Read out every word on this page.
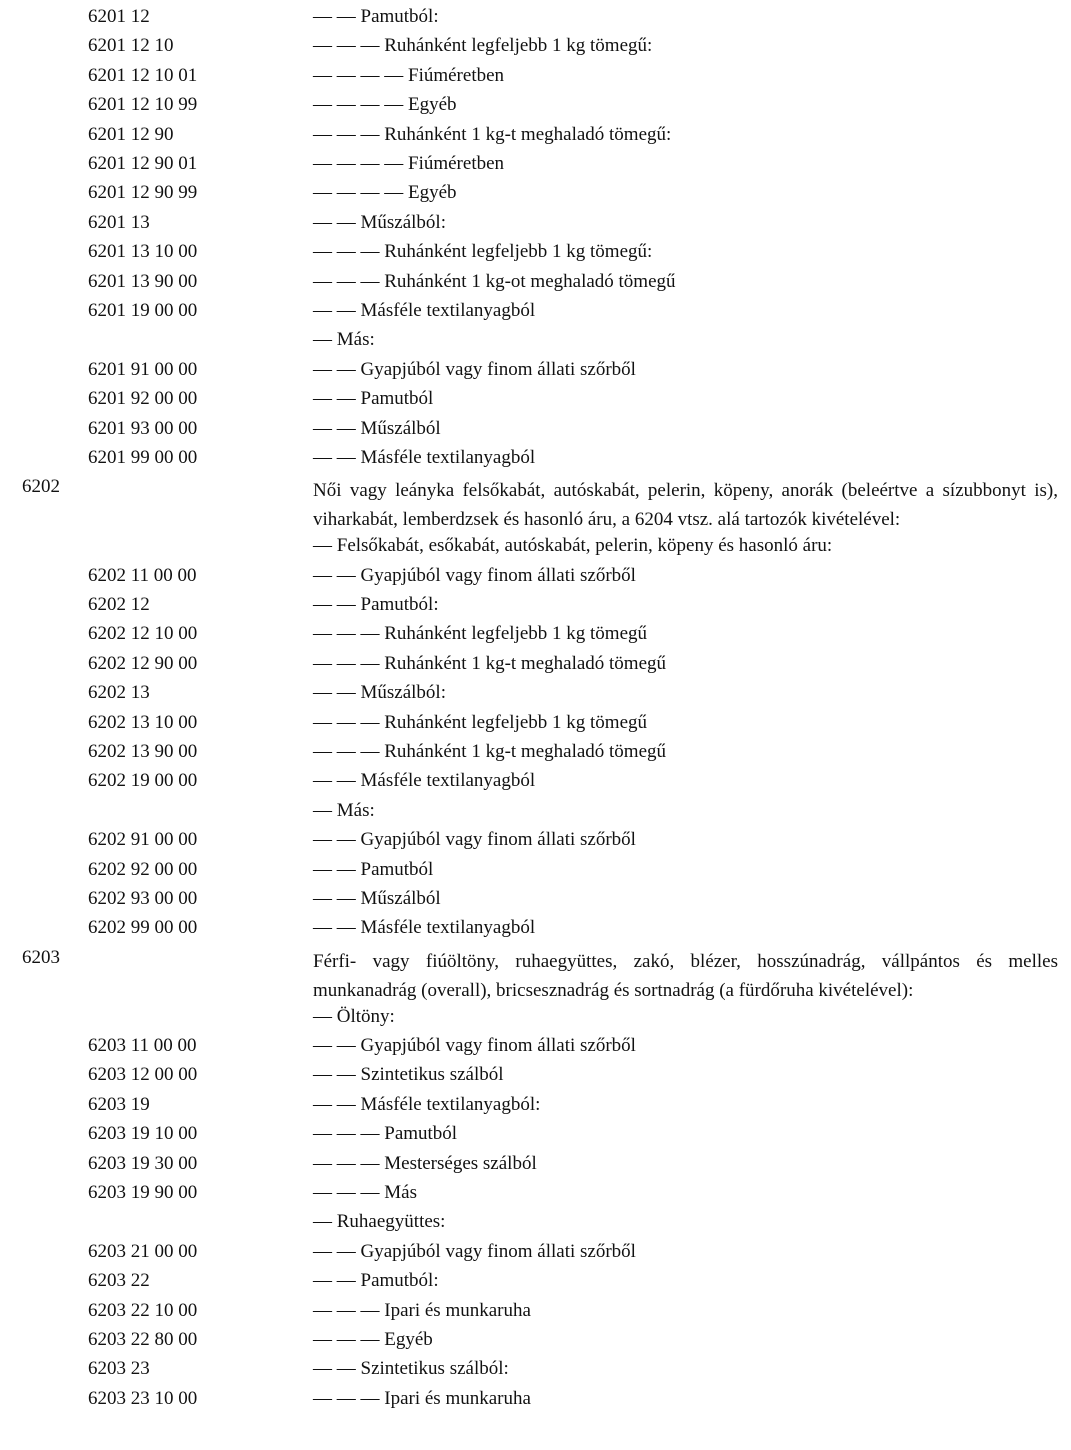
6201 12	— — Pamutból:
6201 12 10	— — — Ruhánként legfeljebb 1 kg tömegű:
6201 12 10 01	— — — — Fiúméretben
6201 12 10 99	— — — — Egyéb
6201 12 90	— — — Ruhánként 1 kg-t meghaladó tömegű:
6201 12 90 01	— — — — Fiúméretben
6201 12 90 99	— — — — Egyéb
6201 13	— — Műszálból:
6201 13 10 00	— — — Ruhánként legfeljebb 1 kg tömegű:
6201 13 90 00	— — — Ruhánként 1 kg-ot meghaladó tömegű
6201 19 00 00	— — Másféle textilanyagból
— Más:
6201 91 00 00	— — Gyapjúból vagy finom állati szőrből
6201 92 00 00	— — Pamutból
6201 93 00 00	— — Műszálból
6201 99 00 00	— — Másféle textilanyagból
6202	Női vagy leányka felsőkabát, autóskabát, pelerin, köpeny, anorák (beleértve a sízubbonyt is), viharkabát, lemberdzsek és hasonló áru, a 6204 vtsz. alá tartozók kivételével:
— Felsőkabát, esőkabát, autóskabát, pelerin, köpeny és hasonló áru:
6202 11 00 00	— — Gyapjúból vagy finom állati szőrből
6202 12	— — Pamutból:
6202 12 10 00	— — — Ruhánként legfeljebb 1 kg tömegű
6202 12 90 00	— — — Ruhánként 1 kg-t meghaladó tömegű
6202 13	— — Műszálból:
6202 13 10 00	— — — Ruhánként legfeljebb 1 kg tömegű
6202 13 90 00	— — — Ruhánként 1 kg-t meghaladó tömegű
6202 19 00 00	— — Másféle textilanyagból
— Más:
6202 91 00 00	— — Gyapjúból vagy finom állati szőrből
6202 92 00 00	— — Pamutból
6202 93 00 00	— — Műszálból
6202 99 00 00	— — Másféle textilanyagból
6203	Férfi- vagy fiúöltöny, ruhaegyüttes, zakó, blézer, hosszúnadrág, vállpántos és melles munkanadrág (overall), bricsesznadrág és sortnadrág (a fürdőruha kivételével):
— Öltöny:
6203 11 00 00	— — Gyapjúból vagy finom állati szőrből
6203 12 00 00	— — Szintetikus szálból
6203 19	— — Másféle textilanyagból:
6203 19 10 00	— — — Pamutból
6203 19 30 00	— — — Mesterséges szálból
6203 19 90 00	— — — Más
— Ruhaegyüttes:
6203 21 00 00	— — Gyapjúból vagy finom állati szőrből
6203 22	— — Pamutból:
6203 22 10 00	— — — Ipari és munkaruha
6203 22 80 00	— — — Egyéb
6203 23	— — Szintetikus szálból:
6203 23 10 00	— — — Ipari és munkaruha
